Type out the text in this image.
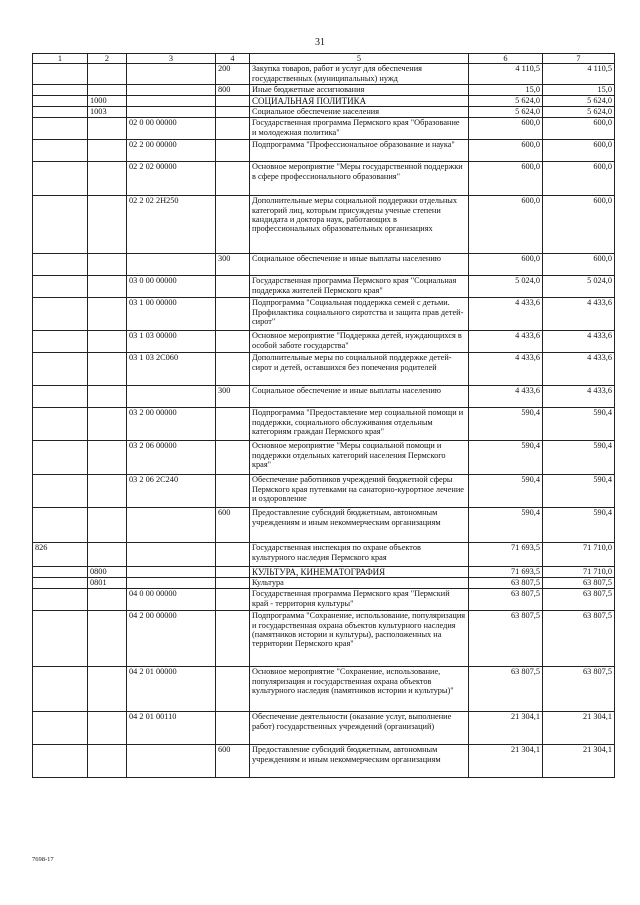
31
1	2	3	4	5	6	7
			200	Закупка товаров, работ и услуг для обеспечения государственных (муниципальных) нужд	4 110,5	4 110,5
			800	Иные бюджетные ассигнования	15,0	15,0
	1000			СОЦИАЛЬНАЯ ПОЛИТИКА	5 624,0	5 624,0
	1003			Социальное обеспечение населения	5 624,0	5 624,0
		02 0 00 00000		Государственная программа Пермского края "Образование и молодежная политика"	600,0	600,0
		02 2 00 00000		Подпрограмма "Профессиональное образование и наука"	600,0	600,0
		02 2 02 00000		Основное мероприятие "Меры государственной поддержки в сфере профессионального образования"	600,0	600,0
		02 2 02 2Н250		Дополнительные меры социальной поддержки отдельных категорий лиц, которым присуждены ученые степени кандидата и доктора наук, работающих в профессиональных образовательных организациях	600,0	600,0
			300	Социальное обеспечение и иные выплаты населению	600,0	600,0
		03 0 00 00000		Государственная программа Пермского края "Социальная поддержка жителей Пермского края"	5 024,0	5 024,0
		03 1 00 00000		Подпрограмма "Социальная поддержка семей с детьми. Профилактика социального сиротства и защита прав детей-сирот"	4 433,6	4 433,6
		03 1 03 00000		Основное мероприятие "Поддержка детей, нуждающихся в особой заботе государства"	4 433,6	4 433,6
		03 1 03 2С060		Дополнительные меры по социальной поддержке детей-сирот и детей, оставшихся без попечения родителей	4 433,6	4 433,6
			300	Социальное обеспечение и иные выплаты населению	4 433,6	4 433,6
		03 2 00 00000		Подпрограмма "Предоставление мер социальной помощи и поддержки, социального обслуживания отдельным категориям граждан Пермского края"	590,4	590,4
		03 2 06 00000		Основное мероприятие "Меры социальной помощи и поддержки отдельных категорий населения Пермского края"	590,4	590,4
		03 2 06 2С240		Обеспечение работников учреждений бюджетной сферы Пермского края путевками на санаторно-курортное лечение и оздоровление	590,4	590,4
			600	Предоставление субсидий бюджетным, автономным учреждениям и иным некоммерческим организациям	590,4	590,4
826				Государственная инспекция по охране объектов культурного наследия Пермского края	71 693,5	71 710,0
	0800			КУЛЬТУРА, КИНЕМАТОГРАФИЯ	71 693,5	71 710,0
	0801			Культура	63 807,5	63 807,5
		04 0 00 00000		Государственная программа Пермского края "Пермский край - территория культуры"	63 807,5	63 807,5
		04 2 00 00000		Подпрограмма "Сохранение, использование, популяризация и государственная охрана объектов культурного наследия (памятников истории и культуры), расположенных на территории Пермского края"	63 807,5	63 807,5
		04 2 01 00000		Основное мероприятие "Сохранение, использование, популяризация и государственная охрана объектов культурного наследия (памятников истории и культуры)"	63 807,5	63 807,5
		04 2 01 00110		Обеспечение деятельности (оказание услуг, выполнение работ) государственных учреждений (организаций)	21 304,1	21 304,1
			600	Предоставление субсидий бюджетным, автономным учреждениям и иным некоммерческим организациям	21 304,1	21 304,1
7698-17
